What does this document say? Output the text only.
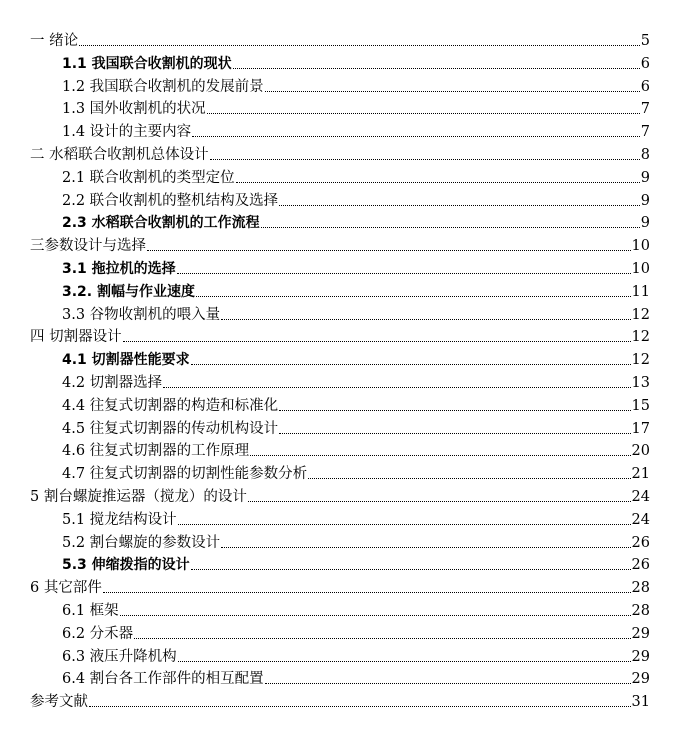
一 绪论	5
1.1 我国联合收割机的现状	6
1.2 我国联合收割机的发展前景	6
1.3 国外收割机的状况	7
1.4 设计的主要内容	7
二 水稻联合收割机总体设计	8
2.1 联合收割机的类型定位	9
2.2 联合收割机的整机结构及选择	9
2.3 水稻联合收割机的工作流程	9
三参数设计与选择	10
3.1 拖拉机的选择	10
3.2. 割幅与作业速度	11
3.3 谷物收割机的喂入量	12
四 切割器设计	12
4.1 切割器性能要求	12
4.2 切割器选择	13
4.4 往复式切割器的构造和标准化	15
4.5 往复式切割器的传动机构设计	17
4.6 往复式切割器的工作原理	20
4.7 往复式切割器的切割性能参数分析	21
5 割台螺旋推运器（搅龙）的设计	24
5.1 搅龙结构设计	24
5.2 割台螺旋的参数设计	26
5.3 伸缩拨指的设计	26
6 其它部件	28
6.1 框架	28
6.2 分禾器	29
6.3 液压升降机构	29
6.4 割台各工作部件的相互配置	29
参考文献	31
